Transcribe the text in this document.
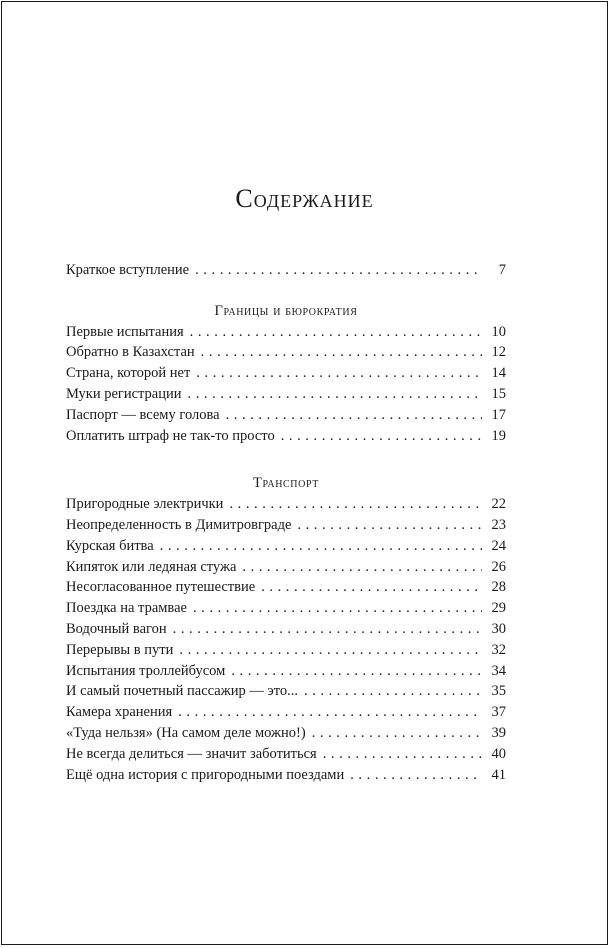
Содержание
Краткое вступление . . .	7
Границы и бюрократия
Первые испытания . . .	10
Обратно в Казахстан . . .	12
Страна, которой нет . . .	14
Муки регистрации . . .	15
Паспорт — всему голова . . .	17
Оплатить штраф не так-то просто . . .	19
Транспорт
Пригородные электрички . . .	22
Неопределенность в Димитровграде . . .	23
Курская битва . . .	24
Кипяток или ледяная стужа . . .	26
Несогласованное путешествие . . .	28
Поездка на трамвае . . .	29
Водочный вагон . . .	30
Перерывы в пути . . .	32
Испытания троллейбусом . . .	34
И самый почетный пассажир — это... . . .	35
Камера хранения . . .	37
«Туда нельзя» (На самом деле можно!) . . .	39
Не всегда делиться — значит заботиться . . .	40
Ещё одна история с пригородными поездами . . .	41
